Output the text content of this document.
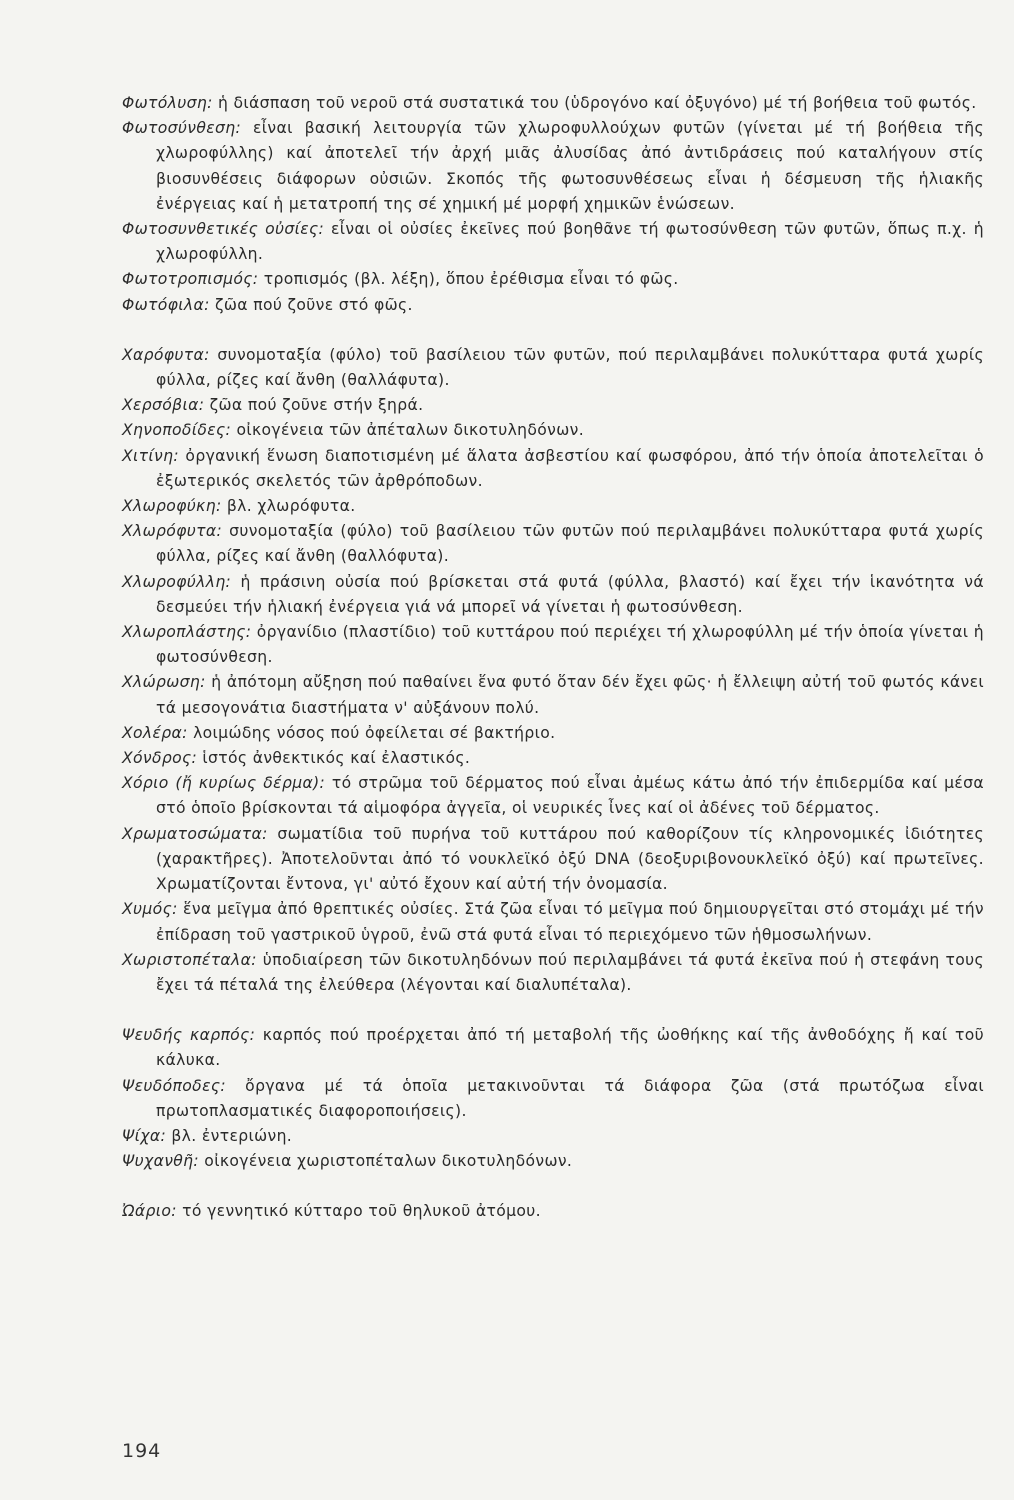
Φωτόλυση: ἡ διάσπαση τοῦ νεροῦ στά συστατικά του (ὑδρογόνο καί ὀξυγόνο) μέ τή βοήθεια τοῦ φωτός.
Φωτοσύνθεση: εἶναι βασική λειτουργία τῶν χλωροφυλλούχων φυτῶν (γίνεται μέ τή βοήθεια τῆς χλωροφύλλης) καί ἀποτελεῖ τήν ἀρχή μιᾶς ἀλυσίδας ἀπό ἀντιδράσεις πού καταλήγουν στίς βιοσυνθέσεις διάφορων οὐσιῶν. Σκοπός τῆς φωτοσυνθέσεως εἶναι ἡ δέσμευση τῆς ἡλιακῆς ἐνέργειας καί ἡ μετατροπή της σέ χημική μέ μορφή χημικῶν ἑνώσεων.
Φωτοσυνθετικές οὐσίες: εἶναι οἱ οὐσίες ἐκεῖνες πού βοηθᾶνε τή φωτοσύνθεση τῶν φυτῶν, ὅπως π.χ. ἡ χλωροφύλλη.
Φωτοτροπισμός: τροπισμός (βλ. λέξη), ὅπου ἐρέθισμα εἶναι τό φῶς.
Φωτόφιλα: ζῶα πού ζοῦνε στό φῶς.
Χαρόφυτα: συνομοταξία (φύλο) τοῦ βασίλειου τῶν φυτῶν, πού περιλαμβάνει πολυκύτταρα φυτά χωρίς φύλλα, ρίζες καί ἄνθη (θαλλάφυτα).
Χερσόβια: ζῶα πού ζοῦνε στήν ξηρά.
Χηνοποδίδες: οἰκογένεια τῶν ἀπέταλων δικοτυληδόνων.
Χιτίνη: ὀργανική ἕνωση διαποτισμένη μέ ἅλατα ἀσβεστίου καί φωσφόρου, ἀπό τήν ὁποία ἀποτελεῖται ὁ ἐξωτερικός σκελετός τῶν ἀρθρόποδων.
Χλωροφύκη: βλ. χλωρόφυτα.
Χλωρόφυτα: συνομοταξία (φύλο) τοῦ βασίλειου τῶν φυτῶν πού περιλαμβάνει πολυκύτταρα φυτά χωρίς φύλλα, ρίζες καί ἄνθη (θαλλόφυτα).
Χλωροφύλλη: ἡ πράσινη οὐσία πού βρίσκεται στά φυτά (φύλλα, βλαστό) καί ἔχει τήν ἱκανότητα νά δεσμεύει τήν ἡλιακή ἐνέργεια γιά νά μπορεῖ νά γίνεται ἡ φωτοσύνθεση.
Χλωροπλάστης: ὀργανίδιο (πλαστίδιο) τοῦ κυττάρου πού περιέχει τή χλωροφύλλη μέ τήν ὁποία γίνεται ἡ φωτοσύνθεση.
Χλώρωση: ἡ ἀπότομη αὔξηση πού παθαίνει ἕνα φυτό ὅταν δέν ἔχει φῶς· ἡ ἔλλειψη αὐτή τοῦ φωτός κάνει τά μεσογονάτια διαστήματα ν' αὐξάνουν πολύ.
Χολέρα: λοιμώδης νόσος πού ὀφείλεται σέ βακτήριο.
Χόνδρος: ἱστός ἀνθεκτικός καί ἐλαστικός.
Χόριο (ἤ κυρίως δέρμα): τό στρῶμα τοῦ δέρματος πού εἶναι ἀμέως κάτω ἀπό τήν ἐπιδερμίδα καί μέσα στό ὁποῖο βρίσκονται τά αἱμοφόρα ἀγγεῖα, οἱ νευρικές ἶνες καί οἱ ἀδένες τοῦ δέρματος.
Χρωματοσώματα: σωματίδια τοῦ πυρήνα τοῦ κυττάρου πού καθορίζουν τίς κληρονομικές ἰδιότητες (χαρακτῆρες). Ἀποτελοῦνται ἀπό τό νουκλεϊκό ὀξύ DNA (δεοξυριβονουκλεϊκό ὀξύ) καί πρωτεῖνες. Χρωματίζονται ἔντονα, γι' αὐτό ἔχουν καί αὐτή τήν ὀνομασία.
Χυμός: ἕνα μεῖγμα ἀπό θρεπτικές οὐσίες. Στά ζῶα εἶναι τό μεῖγμα πού δημιουργεῖται στό στομάχι μέ τήν ἐπίδραση τοῦ γαστρικοῦ ὑγροῦ, ἐνῶ στά φυτά εἶναι τό περιεχόμενο τῶν ἡθμοσωλήνων.
Χωριστοπέταλα: ὑποδιαίρεση τῶν δικοτυληδόνων πού περιλαμβάνει τά φυτά ἐκεῖνα πού ἡ στεφάνη τους ἔχει τά πέταλά της ἐλεύθερα (λέγονται καί διαλυπέταλα).
Ψευδής καρπός: καρπός πού προέρχεται ἀπό τή μεταβολή τῆς ὠοθήκης καί τῆς ἀνθοδόχης ἤ καί τοῦ κάλυκα.
Ψευδόποδες: ὄργανα μέ τά ὁποῖα μετακινοῦνται τά διάφορα ζῶα (στά πρωτόζωα εἶναι πρωτοπλασματικές διαφοροποιήσεις).
Ψίχα: βλ. ἐντεριώνη.
Ψυχανθῆ: οἰκογένεια χωριστοπέταλων δικοτυληδόνων.
Ὠάριο: τό γεννητικό κύτταρο τοῦ θηλυκοῦ ἀτόμου.
194
